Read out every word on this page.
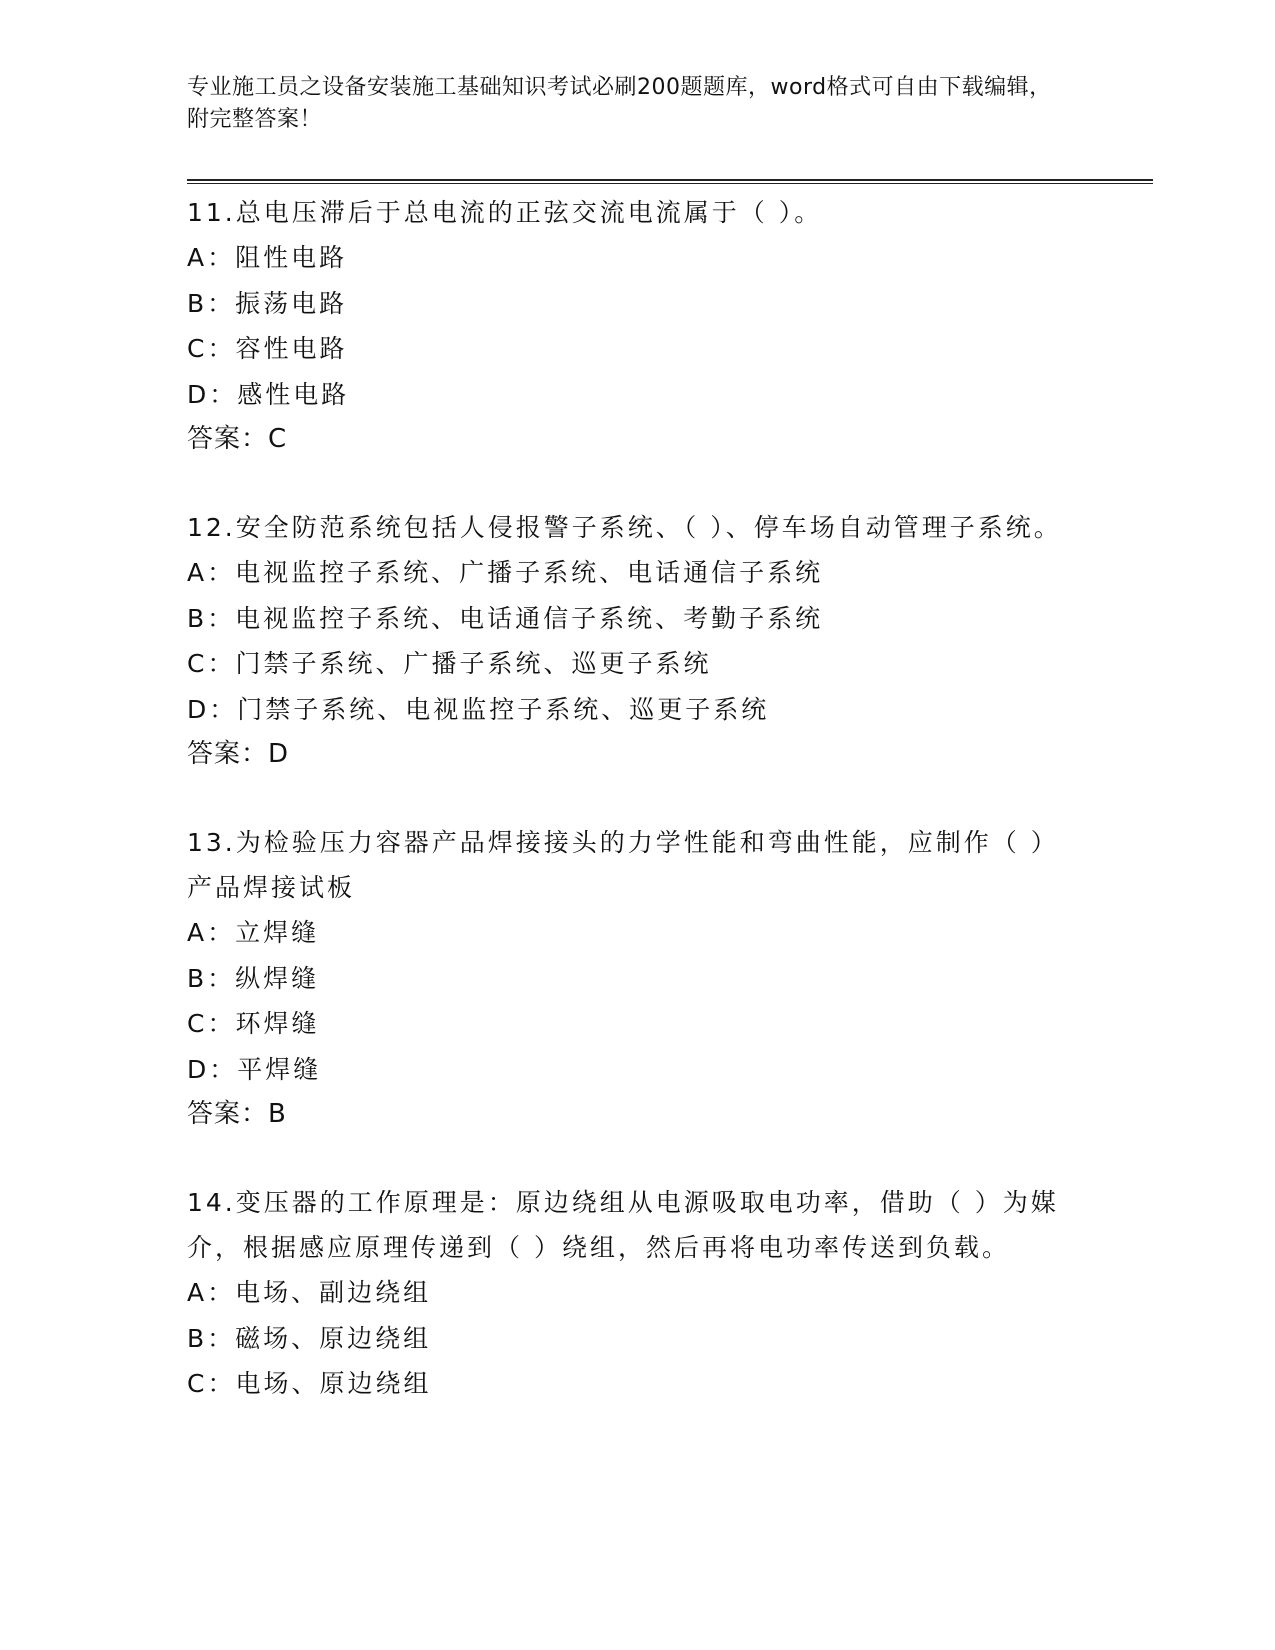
专业施工员之设备安装施工基础知识考试必刷200题题库，word格式可自由下载编辑，附完整答案！
11.总电压滞后于总电流的正弦交流电流属于（ ）。
A：阻性电路
B：振荡电路
C：容性电路
D：感性电路
答案：C
12.安全防范系统包括人侵报警子系统、（ ）、停车场自动管理子系统。
A：电视监控子系统、广播子系统、电话通信子系统
B：电视监控子系统、电话通信子系统、考勤子系统
C：门禁子系统、广播子系统、巡更子系统
D：门禁子系统、电视监控子系统、巡更子系统
答案：D
13.为检验压力容器产品焊接接头的力学性能和弯曲性能，应制作（ ）产品焊接试板
A：立焊缝
B：纵焊缝
C：环焊缝
D：平焊缝
答案：B
14.变压器的工作原理是：原边绕组从电源吸取电功率，借助（ ）为媒介，根据感应原理传递到（ ）绕组，然后再将电功率传送到负载。
A：电场、副边绕组
B：磁场、原边绕组
C：电场、原边绕组
